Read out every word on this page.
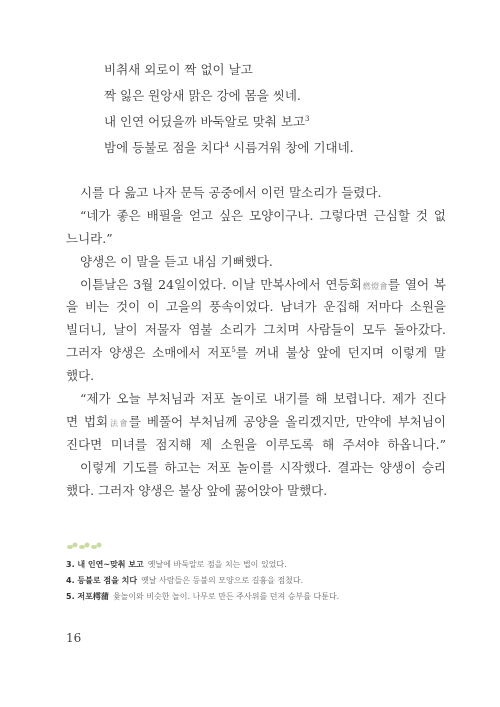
비취새 외로이 짝 없이 날고
짝 잃은 원앙새 맑은 강에 몸을 씻네.
내 인연 어딨을까 바둑알로 맞춰 보고$^3$
밤에 등불로 점을 치다$^4$ 시름겨워 창에 기대네.
시를 다 읊고 나자 문득 공중에서 이런 말소리가 들렸다.
“네가 좋은 배필을 얻고 싶은 모양이구나. 그렇다면 근심할 것 없
느니라.”
양생은 이 말을 듣고 내심 기뻐했다.
이튿날은 3월 24일이었다. 이날 만복사에서 연등회燃燈會를 열어 복
을 비는 것이 이 고을의 풍속이었다. 남녀가 운집해 저마다 소원을
빌더니, 날이 저물자 염불 소리가 그치며 사람들이 모두 돌아갔다.
그러자 양생은 소매에서 저포$^5$를 꺼내 불상 앞에 던지며 이렇게 말
했다.
“제가 오늘 부처님과 저포 놀이로 내기를 해 보렵니다. 제가 진다
면 법회法會를 베풀어 부처님께 공양을 올리겠지만, 만약에 부처님이
진다면 미녀를 점지해 제 소원을 이루도록 해 주셔야 하옵니다.”
이렇게 기도를 하고는 저포 놀이를 시작했다. 결과는 양생이 승리
했다. 그러자 양생은 불상 앞에 꿇어앉아 말했다.
3. 내 인연~맞춰 보고 옛날에 바둑알로 점을 치는 법이 있었다.
4. 등불로 점을 치다 옛날 사람들은 등불의 모양으로 길흉을 점쳤다.
5. 저포樗蒲 윷놀이와 비슷한 놀이. 나무로 만든 주사위를 던져 승부를 다툰다.
16
